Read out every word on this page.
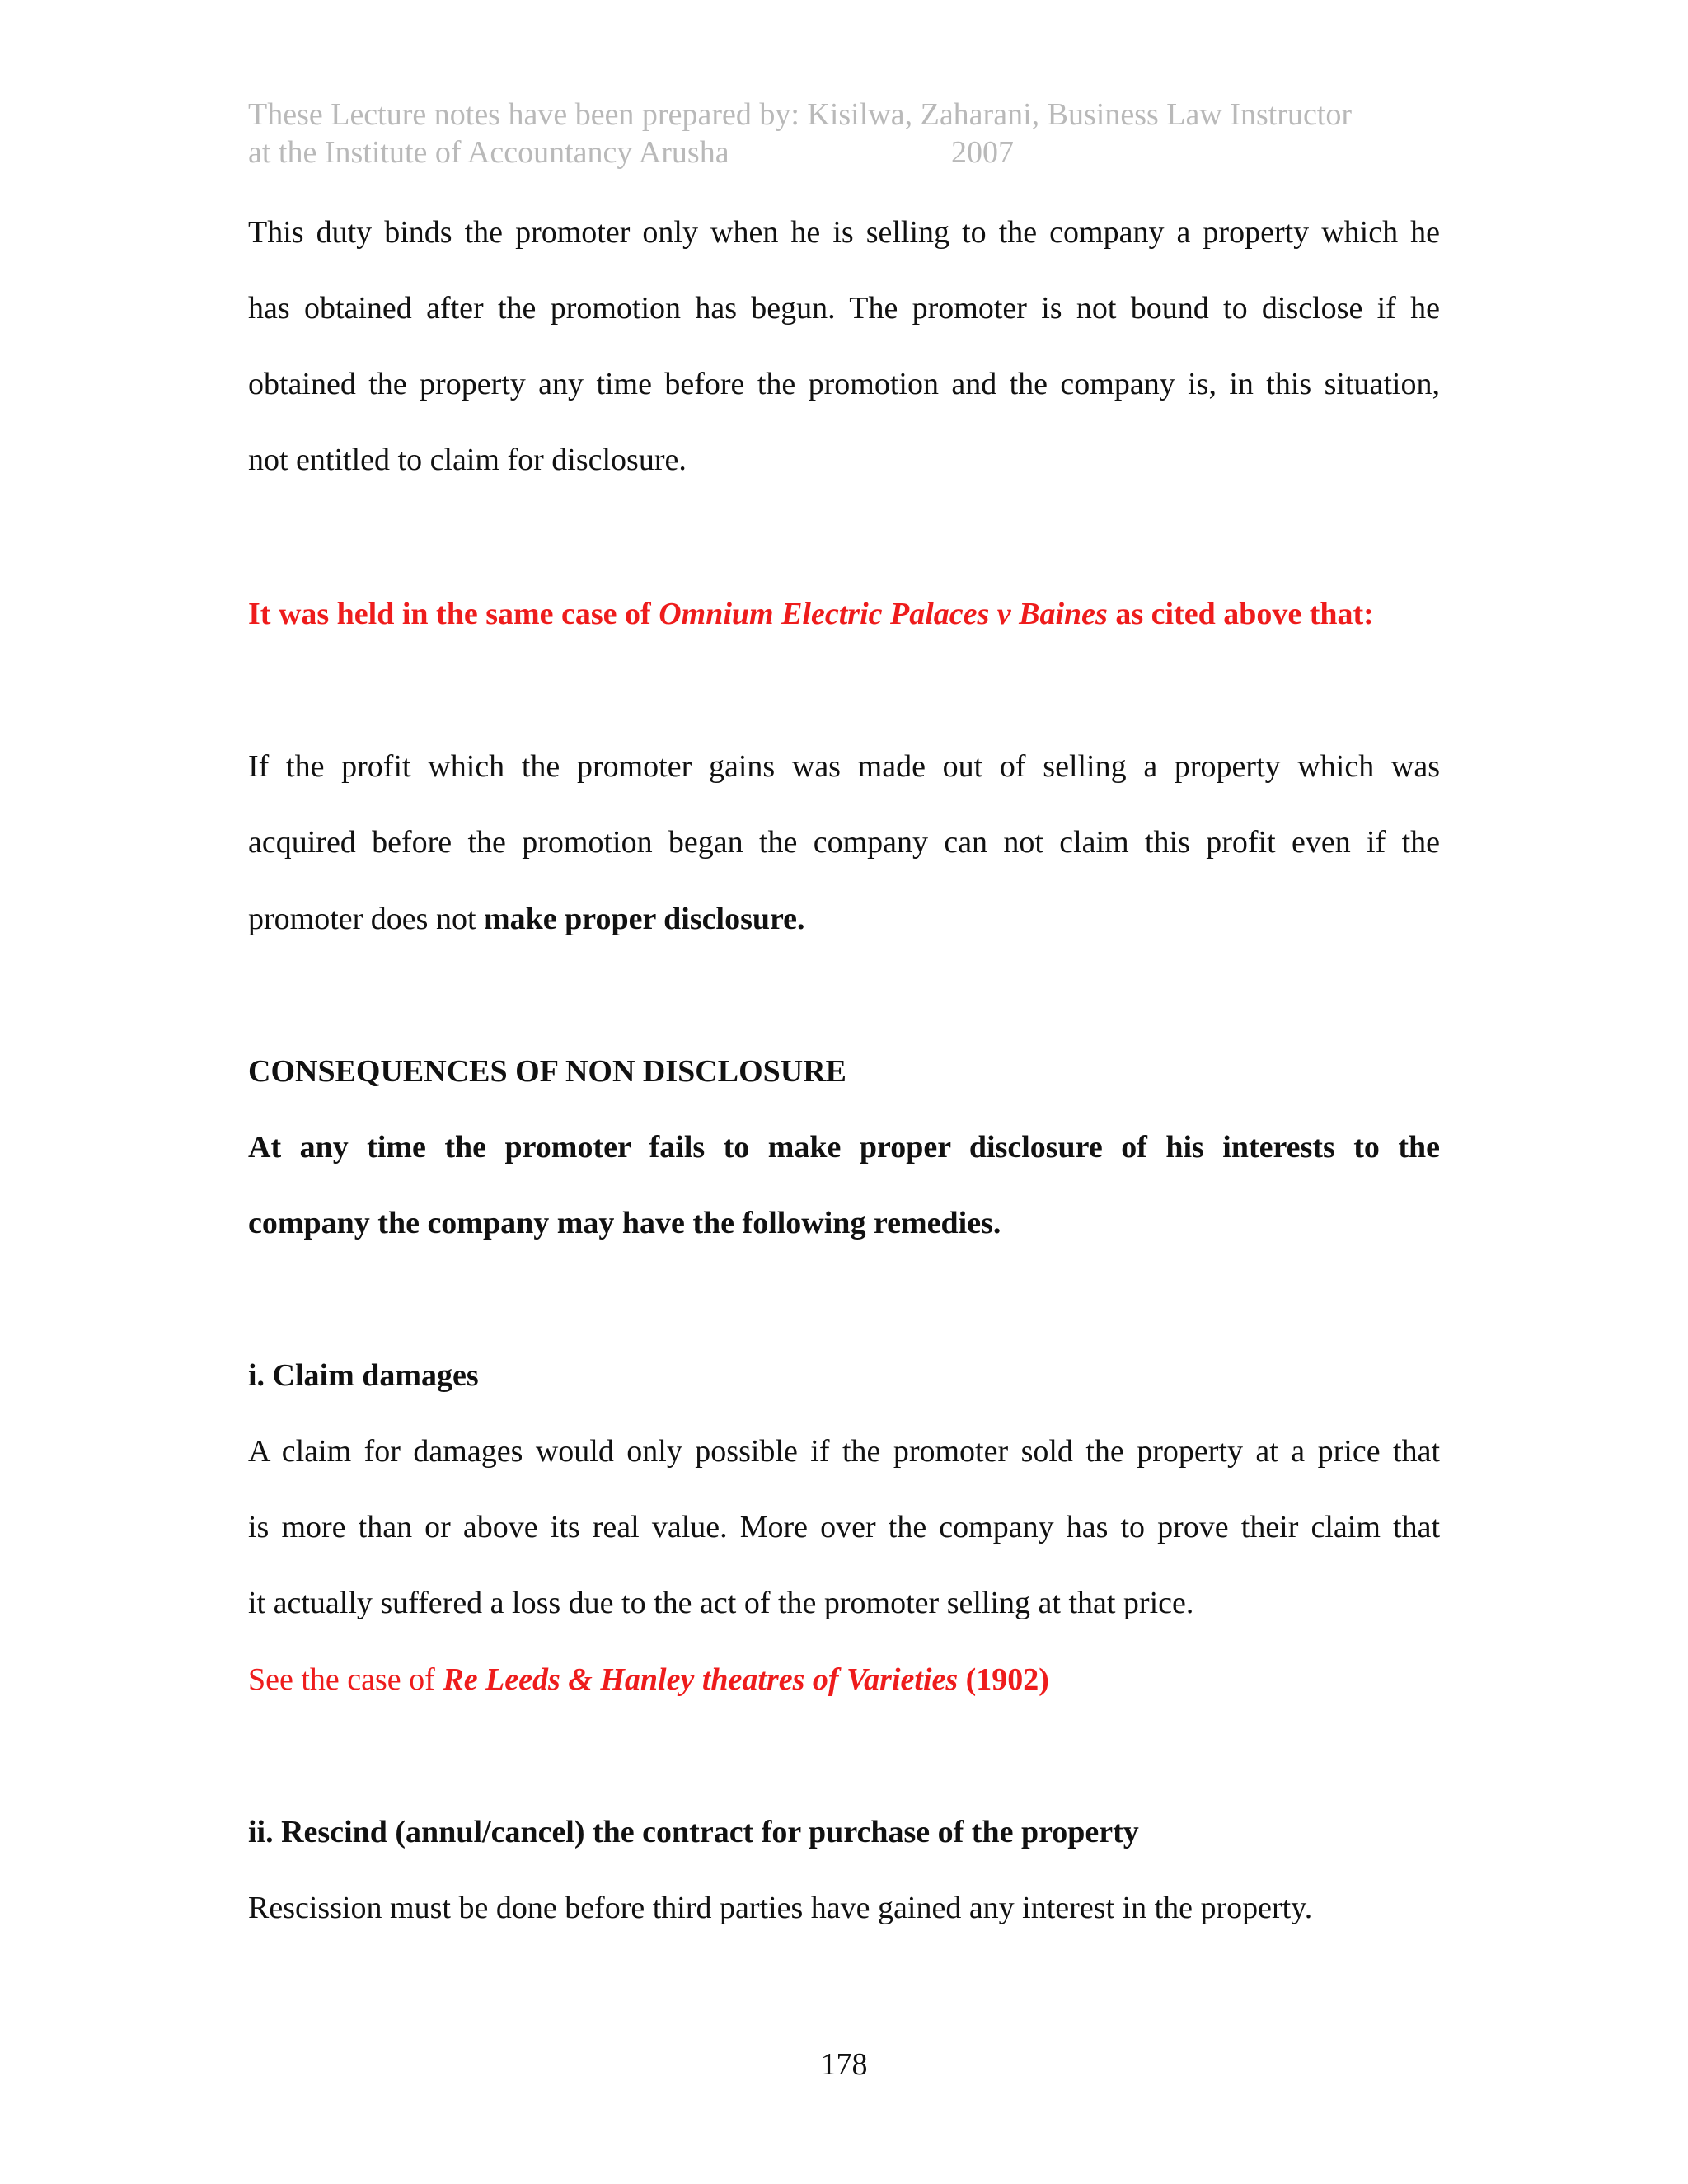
These Lecture notes have been prepared by: Kisilwa, Zaharani, Business Law Instructor
at the Institute of Accountancy Arusha	2007
This duty binds the promoter only when he is selling to the company a property which he
has obtained after the promotion has begun. The promoter is not bound to disclose if he
obtained the property any time before the promotion and the company is, in this situation,
not entitled to claim for disclosure.
It was held in the same case of Omnium Electric Palaces v Baines as cited above that:
If the profit which the promoter gains was made out of selling a property which was
acquired before the promotion began the company can not claim this profit even if the
promoter does not make proper disclosure.
CONSEQUENCES OF NON DISCLOSURE
At any time the promoter fails to make proper disclosure of his interests to the
company the company may have the following remedies.
i. Claim damages
A claim for damages would only possible if the promoter sold the property at a price that
is more than or above its real value. More over the company has to prove their claim that
it actually suffered a loss due to the act of the promoter selling at that price.
See the case of Re Leeds & Hanley theatres of Varieties (1902)
ii. Rescind (annul/cancel) the contract for purchase of the property
Rescission must be done before third parties have gained any interest in the property.
178
